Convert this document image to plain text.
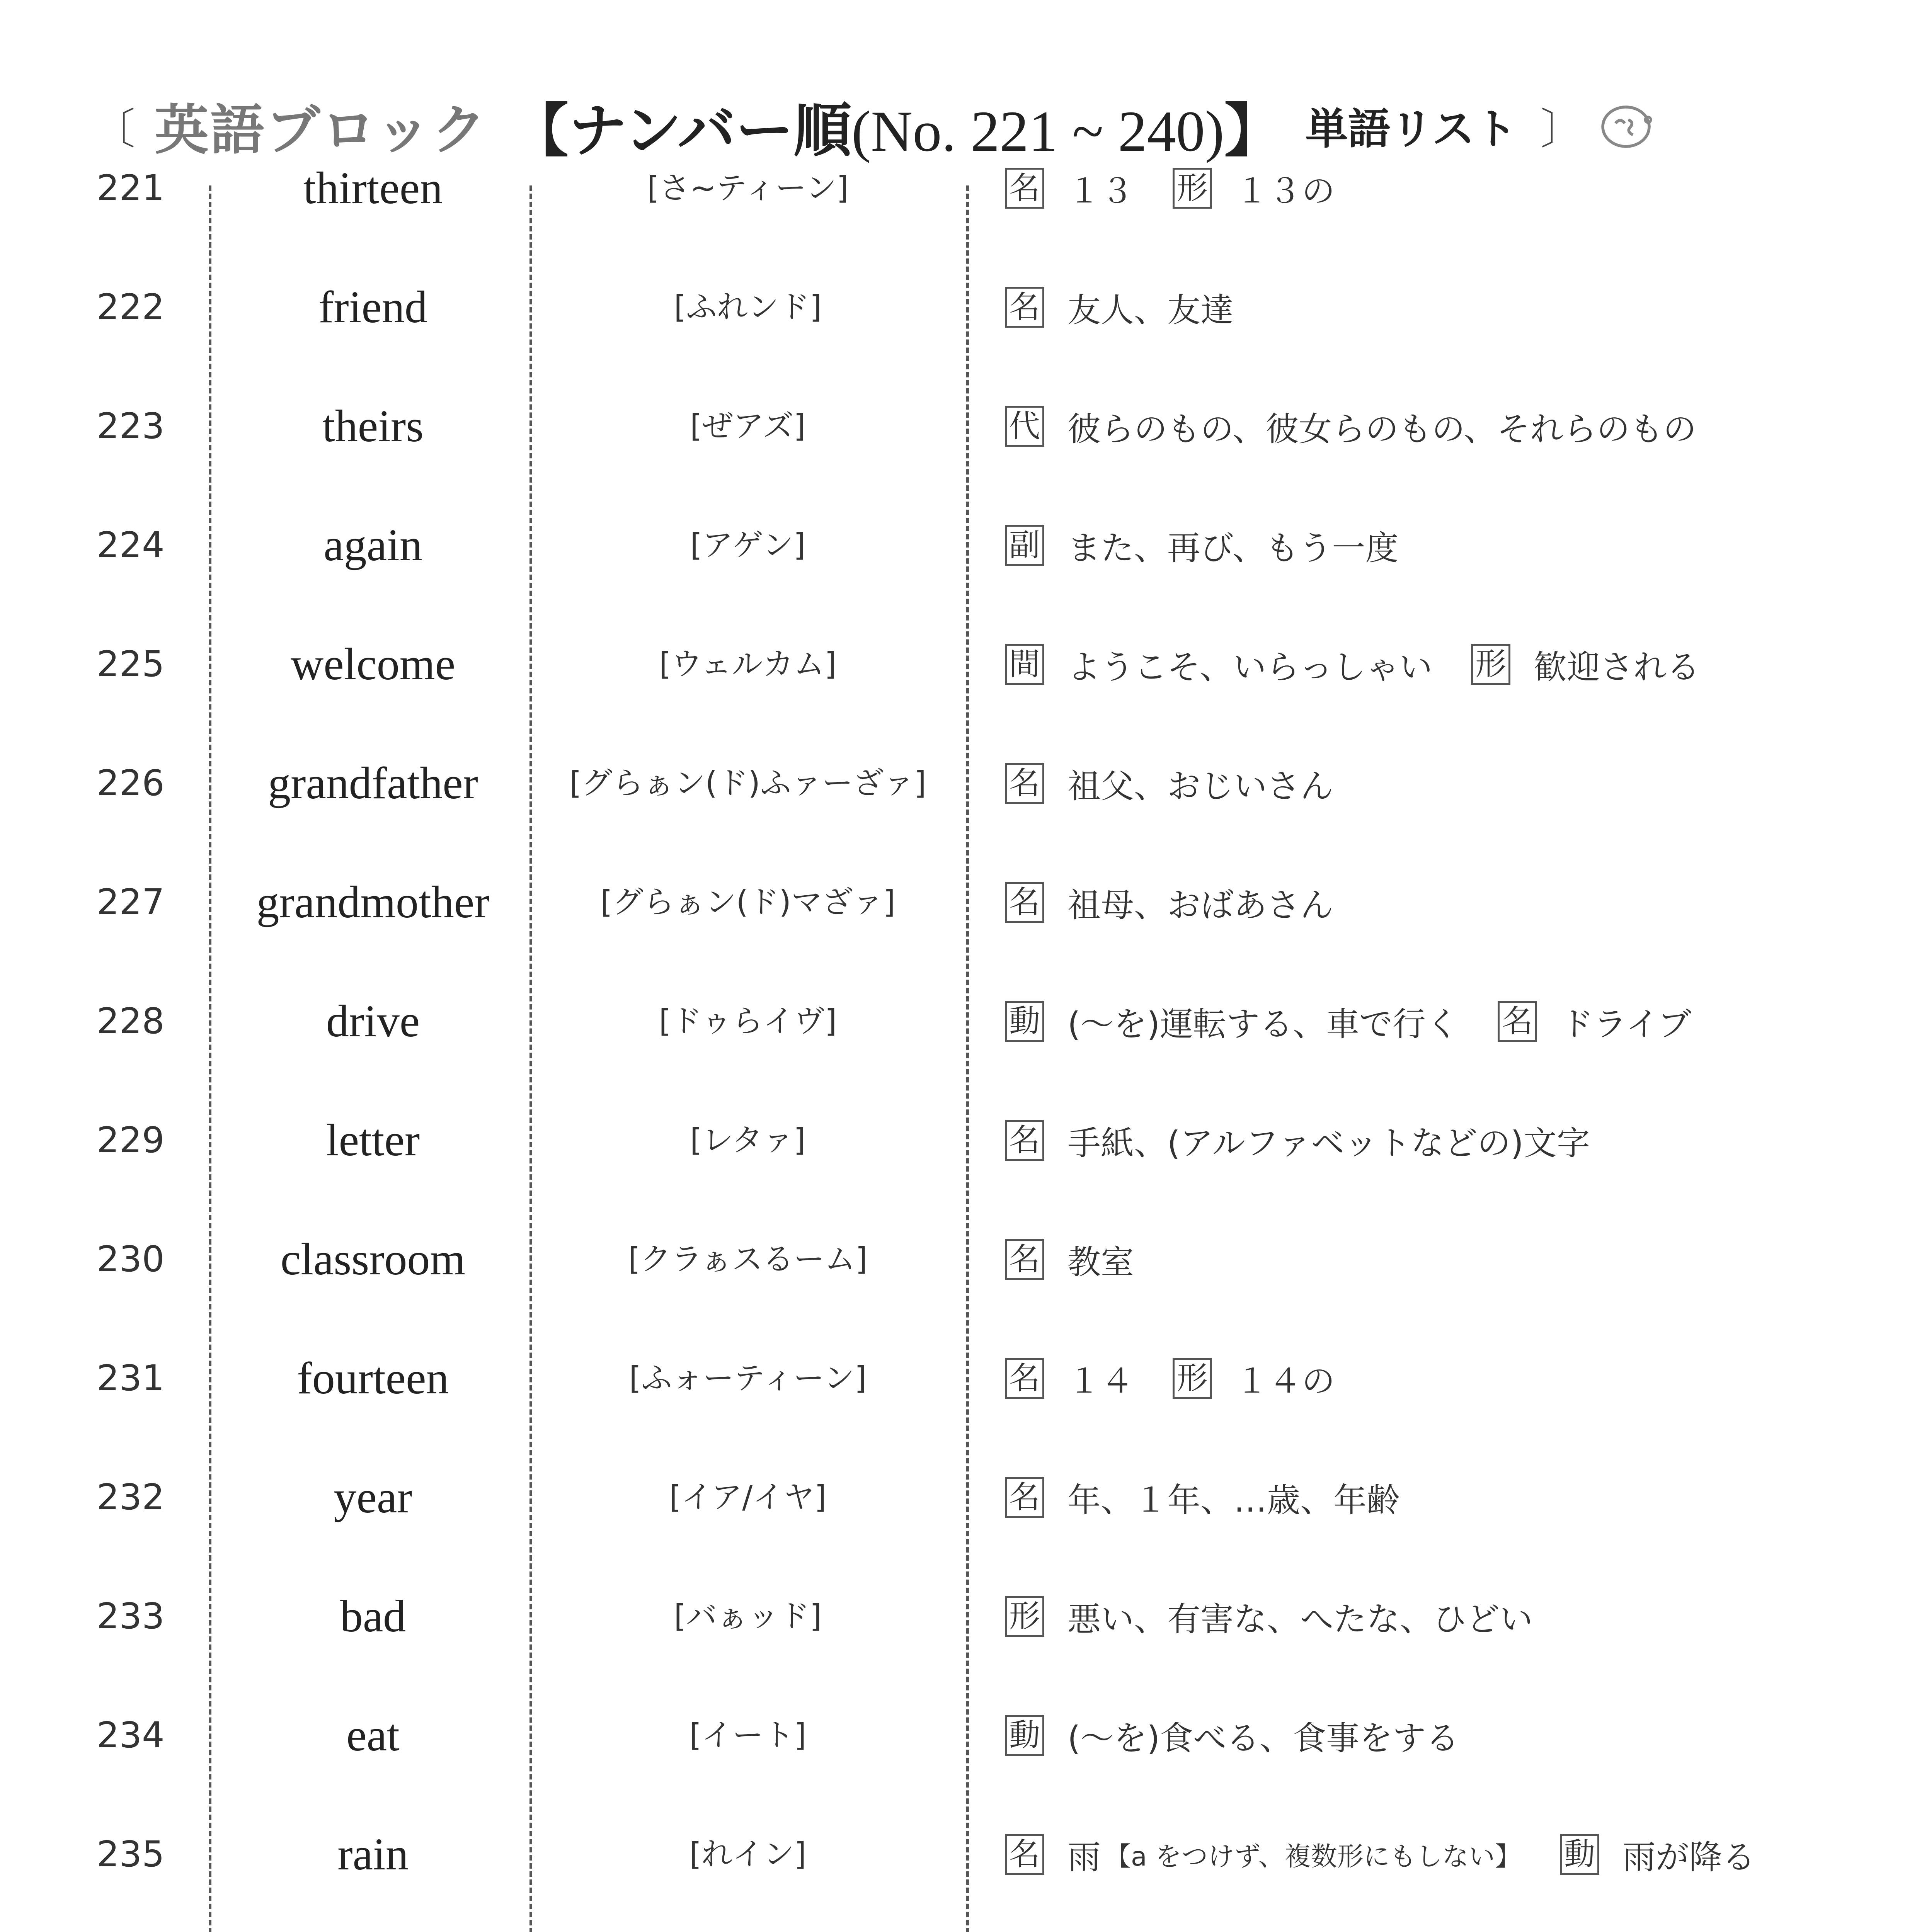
〔 英語ブロック 【ナンバー順(No. 221 ~ 240)】 単語リスト 〕
221	thirteen	[さ~ティーン]	名 １３ 形 １３の
222	friend	[ふれンド]	名 友人、友達
223	theirs	[ぜアズ]	代 彼らのもの、彼女らのもの、それらのもの
224	again	[アゲン]	副 また、再び、もう一度
225	welcome	[ウェルカム]	間 ようこそ、いらっしゃい 形 歓迎される
226	grandfather	[グらぁン(ド)ふァーざァ]	名 祖父、おじいさん
227	grandmother	[グらぁン(ド)マざァ]	名 祖母、おばあさん
228	drive	[ドゥらイヴ]	動 (～を)運転する、車で行く 名 ドライブ
229	letter	[レタァ]	名 手紙、(アルファベットなどの)文字
230	classroom	[クラぁスるーム]	名 教室
231	fourteen	[ふォーティーン]	名 １４ 形 １４の
232	year	[イア/イヤ]	名 年、１年、…歳、年齢
233	bad	[バぁッド]	形 悪い、有害な、へたな、ひどい
234	eat	[イート]	動 (～を)食べる、食事をする
235	rain	[れイン]	名 雨 【a をつけず、複数形にもしない】 動 雨が降る
